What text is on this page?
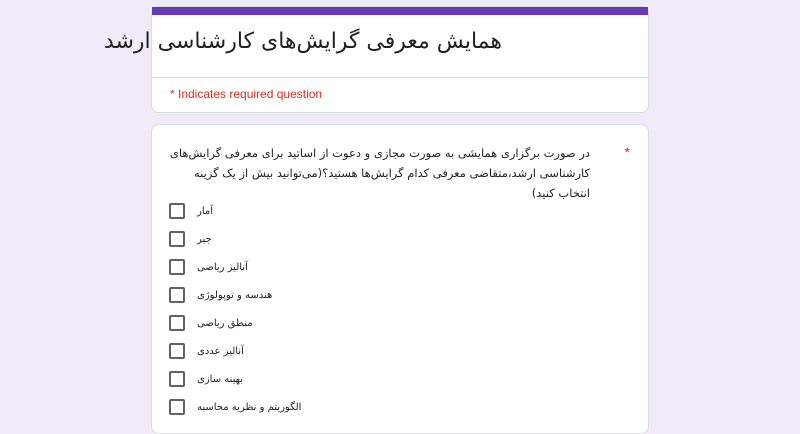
همایش معرفی گرایش‌های کارشناسی ارشد
* Indicates required question
در صورت برگزاری همایشی به صورت مجازی و دعوت از اساتید برای معرفی گرایش‌های کارشناسی ارشد،متقاضی معرفی کدام گرایش‌ها هستید؟(می‌توانید بیش از یک گزینه انتخاب کنید)
*
آمار
جبر
آنالیز ریاضی
هندسه و توپولوژی
منطق ریاضی
آنالیز عددی
بهینه سازی
الگوریتم و نظریه محاسبه
